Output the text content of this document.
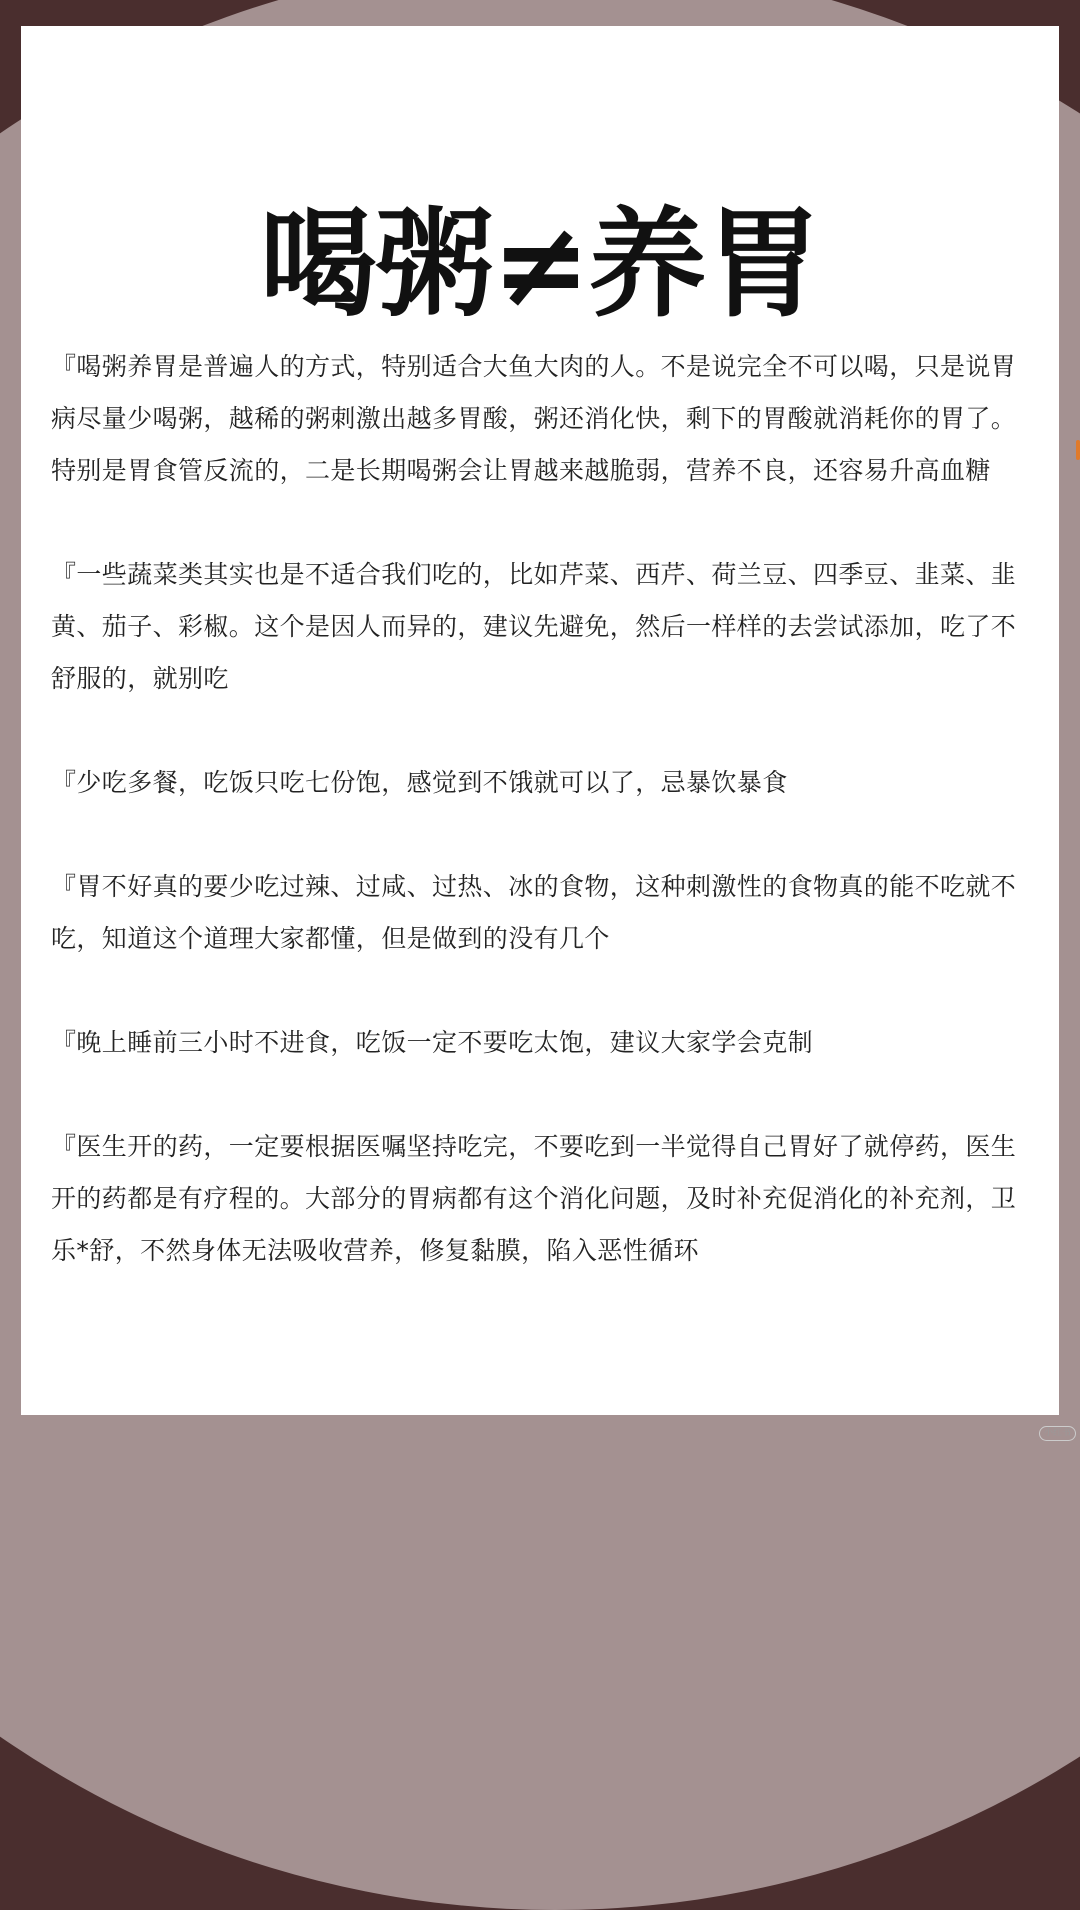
喝粥≠养胃

『喝粥养胃是普遍人的方式，特别适合大鱼大肉的人。不是说完全不可以喝，只是说胃病尽量少喝粥，越稀的粥刺激出越多胃酸，粥还消化快，剩下的胃酸就消耗你的胃了。特别是胃食管反流的，二是长期喝粥会让胃越来越脆弱，营养不良，还容易升高血糖

『一些蔬菜类其实也是不适合我们吃的，比如芹菜、西芹、荷兰豆、四季豆、韭菜、韭黄、茄子、彩椒。这个是因人而异的，建议先避免，然后一样样的去尝试添加，吃了不舒服的，就别吃

『少吃多餐，吃饭只吃七份饱，感觉到不饿就可以了，忌暴饮暴食

『胃不好真的要少吃过辣、过咸、过热、冰的食物，这种刺激性的食物真的能不吃就不吃，知道这个道理大家都懂，但是做到的没有几个

『晚上睡前三小时不进食，吃饭一定不要吃太饱，建议大家学会克制

『医生开的药，一定要根据医嘱坚持吃完，不要吃到一半觉得自己胃好了就停药，医生开的药都是有疗程的。大部分的胃病都有这个消化问题，及时补充促消化的补充剂，卫乐*舒，不然身体无法吸收营养，修复黏膜，陷入恶性循环

小红书
